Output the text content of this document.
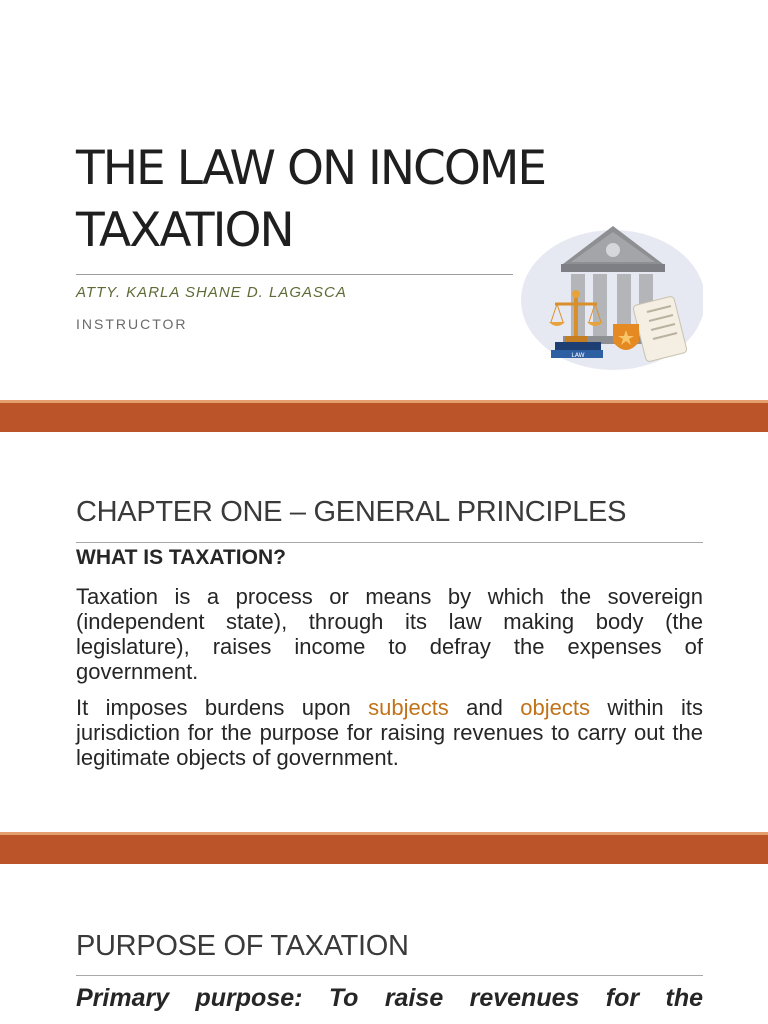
THE LAW ON INCOME
TAXATION
ATTY. KARLA SHANE D. LAGASCA
INSTRUCTOR
LAW
CHAPTER ONE – GENERAL PRINCIPLES
WHAT IS TAXATION?

Taxation is a process or means by which the sovereign (independent state), through its law making body (the legislature), raises income to defray the expenses of government.

It imposes burdens upon subjects and objects within its jurisdiction for the purpose for raising revenues to carry out the legitimate objects of government.

PURPOSE OF TAXATION
Primary purpose: To raise revenues for the
